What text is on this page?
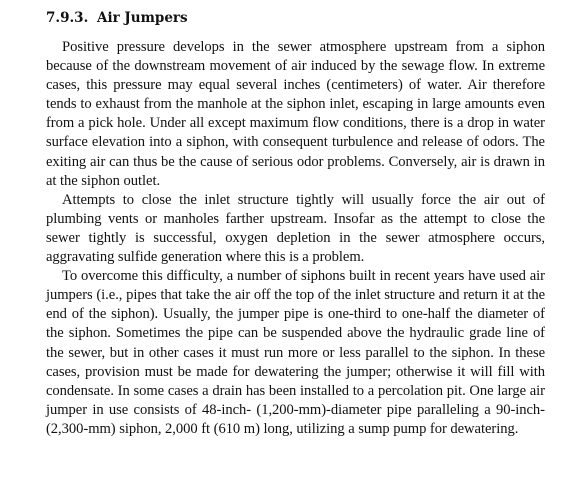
7.9.3. Air Jumpers

Positive pressure develops in the sewer atmosphere upstream from a siphon because of the downstream movement of air induced by the sewage flow. In extreme cases, this pressure may equal several inches (centimeters) of water. Air therefore tends to exhaust from the manhole at the siphon inlet, escaping in large amounts even from a pick hole. Under all except maximum flow conditions, there is a drop in water surface elevation into a siphon, with consequent turbulence and release of odors. The exiting air can thus be the cause of serious odor problems. Conversely, air is drawn in at the siphon outlet.

Attempts to close the inlet structure tightly will usually force the air out of plumbing vents or manholes farther upstream. Insofar as the attempt to close the sewer tightly is successful, oxygen depletion in the sewer atmosphere occurs, aggravating sulfide generation where this is a problem.

To overcome this difficulty, a number of siphons built in recent years have used air jumpers (i.e., pipes that take the air off the top of the inlet structure and return it at the end of the siphon). Usually, the jumper pipe is one-third to one-half the diameter of the siphon. Sometimes the pipe can be suspended above the hydraulic grade line of the sewer, but in other cases it must run more or less parallel to the siphon. In these cases, provision must be made for dewatering the jumper; otherwise it will fill with condensate. In some cases a drain has been installed to a percolation pit. One large air jumper in use consists of 48-inch- (1,200-mm)-diameter pipe paralleling a 90-inch- (2,300-mm) siphon, 2,000 ft (610 m) long, utilizing a sump pump for dewatering.
